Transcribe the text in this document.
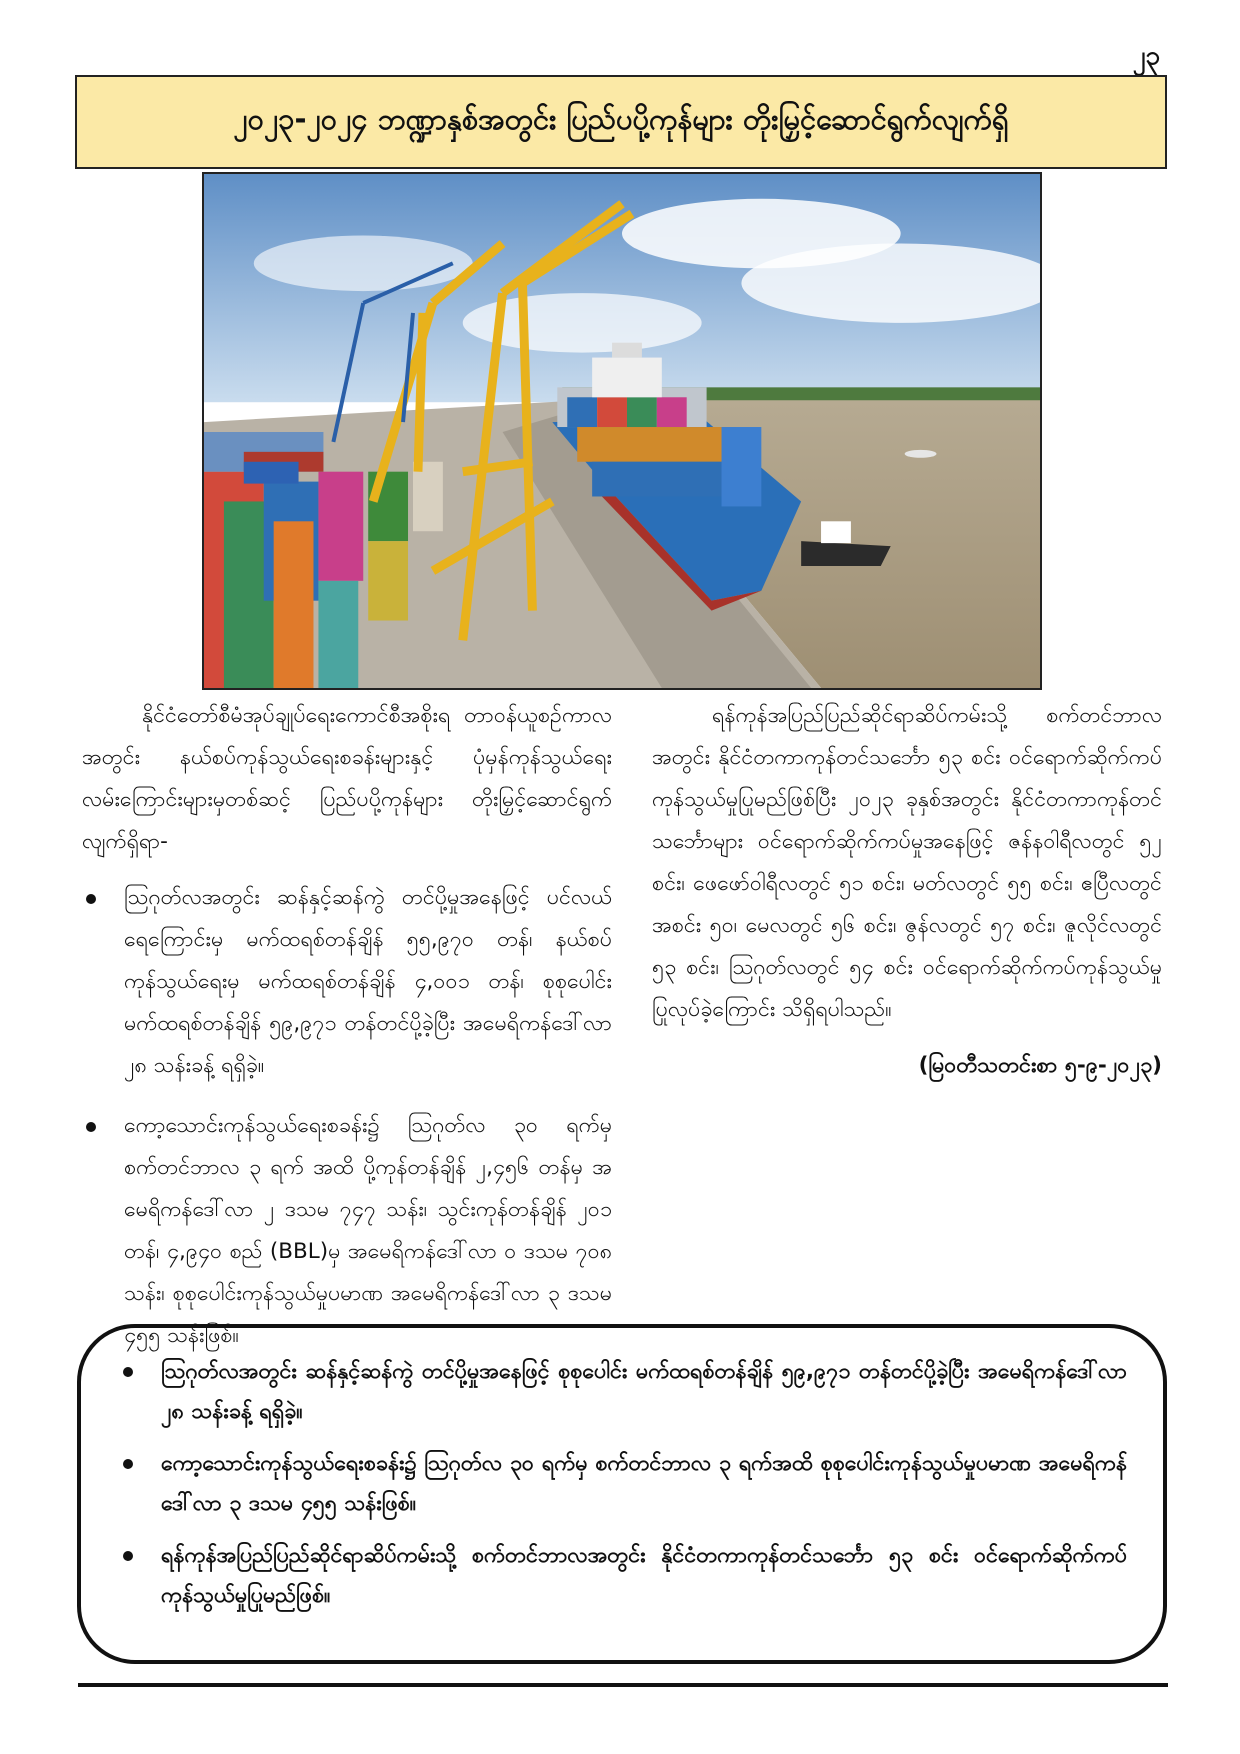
၂၃
၂၀၂၃-၂၀၂၄ ဘဏ္ဍာနှစ်အတွင်း ပြည်ပပို့ကုန်များ တိုးမြှင့်ဆောင်ရွက်လျက်ရှိ

နိုင်ငံတော်စီမံအုပ်ချုပ်ရေးကောင်စီအစိုးရ တာဝန်ယူစဉ်ကာလအတွင်း နယ်စပ်ကုန်သွယ်ရေးစခန်းများနှင့် ပုံမှန်ကုန်သွယ်ရေးလမ်းကြောင်းများမှတစ်ဆင့် ပြည်ပပို့ကုန်များ တိုးမြှင့်ဆောင်ရွက်လျက်ရှိရာ-

ဩဂုတ်လအတွင်း ဆန်နှင့်ဆန်ကွဲ တင်ပို့မှုအနေဖြင့် ပင်လယ်ရေကြောင်းမှ မက်ထရစ်တန်ချိန် ၅၅,၉၇၀ တန်၊ နယ်စပ်ကုန်သွယ်ရေးမှ မက်ထရစ်တန်ချိန် ၄,၀၀၁ တန်၊ စုစုပေါင်း မက်ထရစ်တန်ချိန် ၅၉,၉၇၁ တန်တင်ပို့ခဲ့ပြီး အမေရိကန်ဒေါ်လာ ၂၈ သန်းခန့် ရရှိခဲ့။
ကော့သောင်းကုန်သွယ်ရေးစခန်း၌ ဩဂုတ်လ ၃၀ ရက်မှ စက်တင်ဘာလ ၃ ရက် အထိ ပို့ကုန်တန်ချိန် ၂,၄၅၆ တန်မှ အမေရိကန်ဒေါ်လာ ၂ ဒသမ ၇၄၇ သန်း၊ သွင်းကုန်တန်ချိန် ၂၀၁ တန်၊ ၄,၉၄၀ စည် (BBL)မှ အမေရိကန်ဒေါ်လာ ၀ ဒသမ ၇၀၈ သန်း၊ စုစုပေါင်းကုန်သွယ်မှုပမာဏ အမေရိကန်ဒေါ်လာ ၃ ဒသမ ၄၅၅ သန်းဖြစ်။

ရန်ကုန်အပြည်ပြည်ဆိုင်ရာဆိပ်ကမ်းသို့ စက်တင်ဘာလအတွင်း နိုင်ငံတကာကုန်တင်သင်္ဘော ၅၃ စင်း ဝင်ရောက်ဆိုက်ကပ်ကုန်သွယ်မှုပြုမည်ဖြစ်ပြီး ၂၀၂၃ ခုနှစ်အတွင်း နိုင်ငံတကာကုန်တင်သင်္ဘောများ ဝင်ရောက်ဆိုက်ကပ်မှုအနေဖြင့် ဇန်နဝါရီလတွင် ၅၂ စင်း၊ ဖေဖော်ဝါရီလတွင် ၅၁ စင်း၊ မတ်လတွင် ၅၅ စင်း၊ ဧပြီလတွင် အစင်း ၅၀၊ မေလတွင် ၅၆ စင်း၊ ဇွန်လတွင် ၅၇ စင်း၊ ဇူလိုင်လတွင် ၅၃ စင်း၊ ဩဂုတ်လတွင် ၅၄ စင်း ဝင်ရောက်ဆိုက်ကပ်ကုန်သွယ်မှု ပြုလုပ်ခဲ့ကြောင်း သိရှိရပါသည်။

(မြဝတီသတင်းစာ ၅-၉-၂၀၂၃)

ဩဂုတ်လအတွင်း ဆန်နှင့်ဆန်ကွဲ တင်ပို့မှုအနေဖြင့် စုစုပေါင်း မက်ထရစ်တန်ချိန် ၅၉,၉၇၁ တန်တင်ပို့ခဲ့ပြီး အမေရိကန်ဒေါ်လာ ၂၈ သန်းခန့် ရရှိခဲ့။
ကော့သောင်းကုန်သွယ်ရေးစခန်း၌ ဩဂုတ်လ ၃၀ ရက်မှ စက်တင်ဘာလ ၃ ရက်အထိ စုစုပေါင်းကုန်သွယ်မှုပမာဏ အမေရိကန်ဒေါ်လာ ၃ ဒသမ ၄၅၅ သန်းဖြစ်။
ရန်ကုန်အပြည်ပြည်ဆိုင်ရာဆိပ်ကမ်းသို့ စက်တင်ဘာလအတွင်း နိုင်ငံတကာကုန်တင်သင်္ဘော ၅၃ စင်း ဝင်ရောက်ဆိုက်ကပ်ကုန်သွယ်မှုပြုမည်ဖြစ်။
